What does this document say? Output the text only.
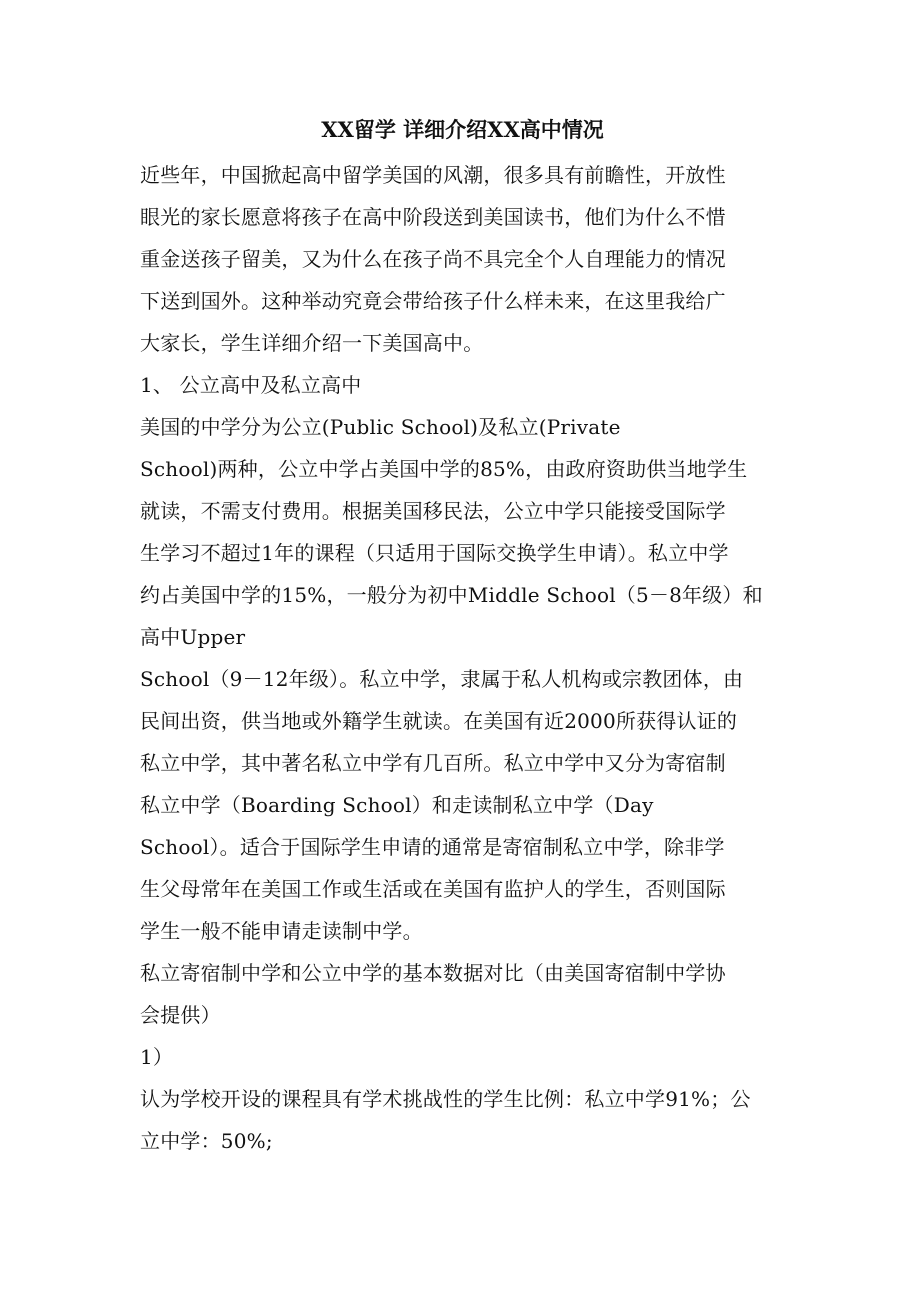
XX留学 详细介绍XX高中情况
近些年，中国掀起高中留学美国的风潮，很多具有前瞻性，开放性
眼光的家长愿意将孩子在高中阶段送到美国读书，他们为什么不惜
重金送孩子留美，又为什么在孩子尚不具完全个人自理能力的情况
下送到国外。这种举动究竟会带给孩子什么样未来，在这里我给广
大家长，学生详细介绍一下美国高中。
1、 公立高中及私立高中
美国的中学分为公立(Public School)及私立(Private
School)两种，公立中学占美国中学的85%，由政府资助供当地学生
就读，不需支付费用。根据美国移民法，公立中学只能接受国际学
生学习不超过1年的课程（只适用于国际交换学生申请）。私立中学
约占美国中学的15%，一般分为初中Middle School（5－8年级）和
高中Upper
School（9－12年级）。私立中学，隶属于私人机构或宗教团体，由
民间出资，供当地或外籍学生就读。在美国有近2000所获得认证的
私立中学，其中著名私立中学有几百所。私立中学中又分为寄宿制
私立中学（Boarding School）和走读制私立中学（Day
School）。适合于国际学生申请的通常是寄宿制私立中学，除非学
生父母常年在美国工作或生活或在美国有监护人的学生，否则国际
学生一般不能申请走读制中学。
私立寄宿制中学和公立中学的基本数据对比（由美国寄宿制中学协
会提供）
1）
认为学校开设的课程具有学术挑战性的学生比例：私立中学91%；公
立中学：50%;
